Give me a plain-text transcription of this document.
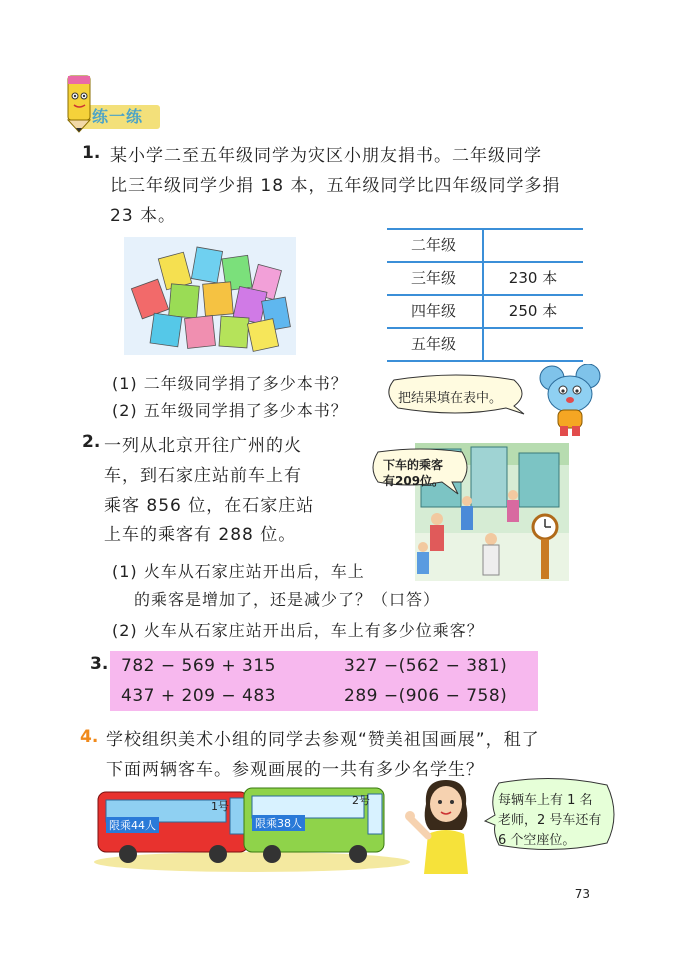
练一练
1. 某小学二至五年级同学为灾区小朋友捐书。二年级同学
比三年级同学少捐 18 本，五年级同学比四年级同学多捐
23 本。
二年级
三年级	230 本
四年级	250 本
五年级
(1) 二年级同学捐了多少本书？
(2) 五年级同学捐了多少本书？
把结果填在表中。
2. 一列从北京开往广州的火
车，到石家庄站前车上有
乘客 856 位，在石家庄站
上车的乘客有 288 位。
下车的乘客
有209位。
(1) 火车从石家庄站开出后，车上
的乘客是增加了，还是减少了？（口答）
(2) 火车从石家庄站开出后，车上有多少位乘客？
3. 782 − 569 + 315	327 −(562 − 381)
437 + 209 − 483	289 −(906 − 758)
4. 学校组织美术小组的同学去参观“赞美祖国画展”，租了
下面两辆客车。参观画展的一共有多少名学生？
1号
限乘44人
2号
限乘38人
每辆车上有 1 名
老师，2 号车还有
6 个空座位。
73
